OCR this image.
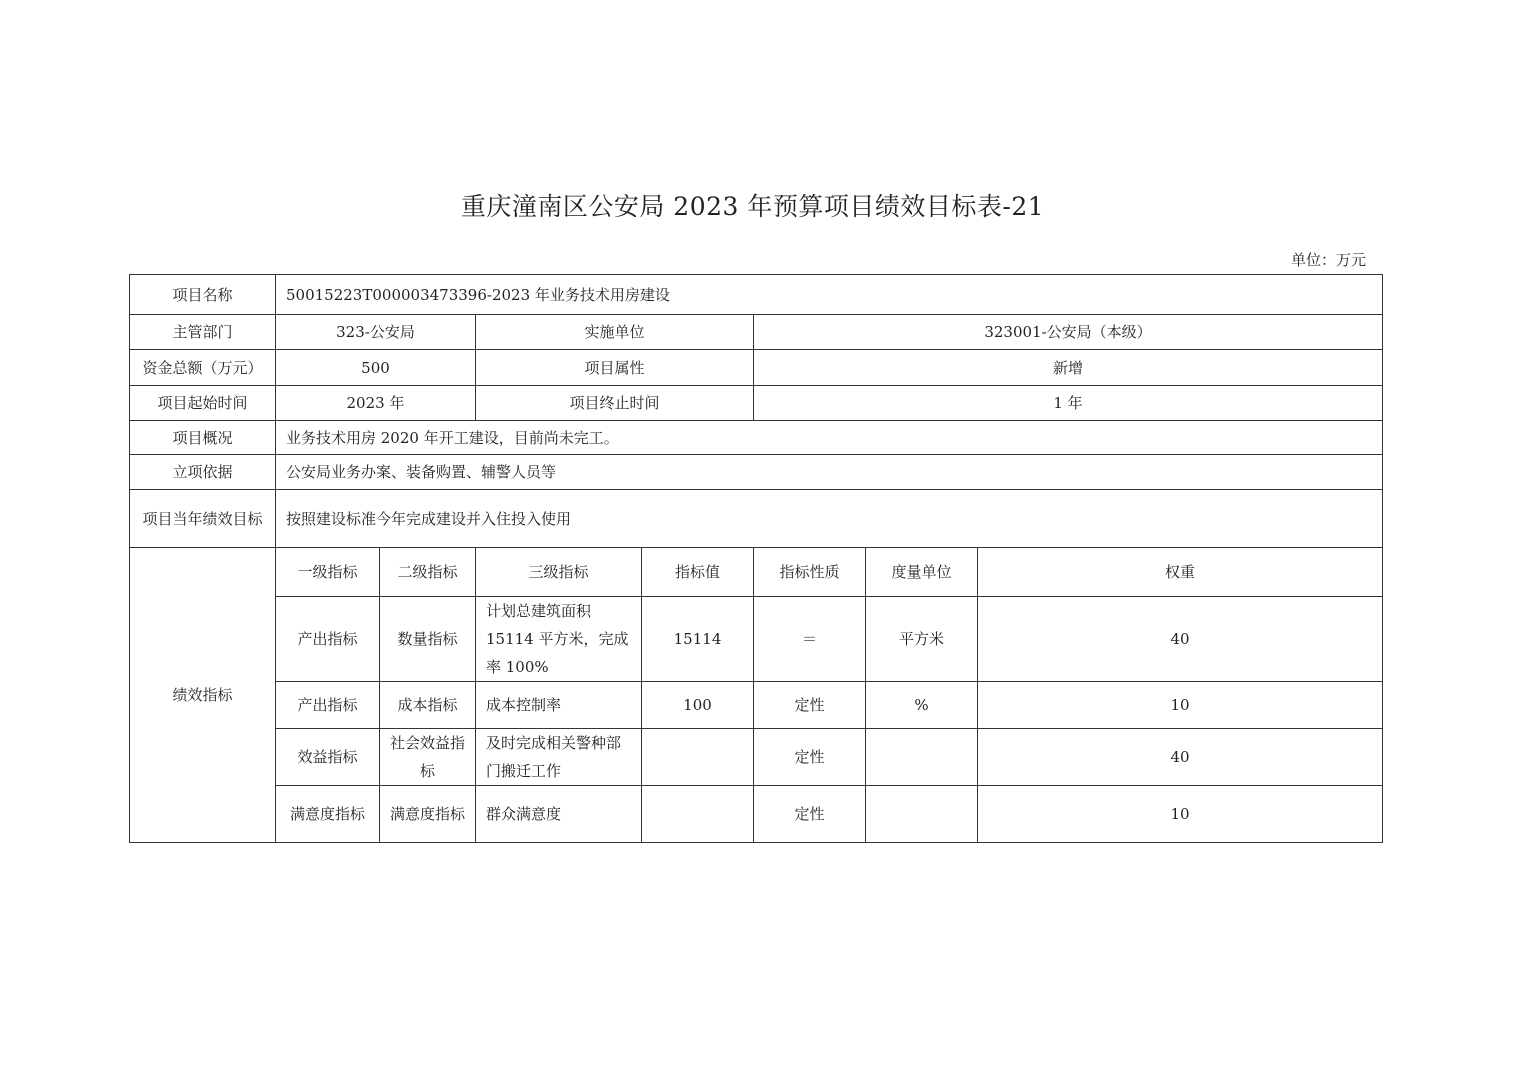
重庆潼南区公安局 2023 年预算项目绩效目标表-21
单位：万元
项目名称	50015223T000003473396-2023 年业务技术用房建设						
主管部门	323-公安局		实施单位		323001-公安局（本级）		
资金总额（万元）	500		项目属性		新增		
项目起始时间	2023 年		项目终止时间		1 年		
项目概况	业务技术用房 2020 年开工建设，目前尚未完工。						
立项依据	公安局业务办案、装备购置、辅警人员等						
项目当年绩效目标	按照建设标准今年完成建设并入住投入使用						
绩效指标	一级指标	二级指标	三级指标	指标值	指标性质	度量单位	权重
	产出指标	数量指标	计划总建筑面积 15114 平方米，完成率 100%	15114	＝	平方米	40
	产出指标	成本指标	成本控制率	100	定性	%	10
	效益指标	社会效益指标	及时完成相关警种部门搬迁工作		定性		40
	满意度指标	满意度指标	群众满意度		定性		10
